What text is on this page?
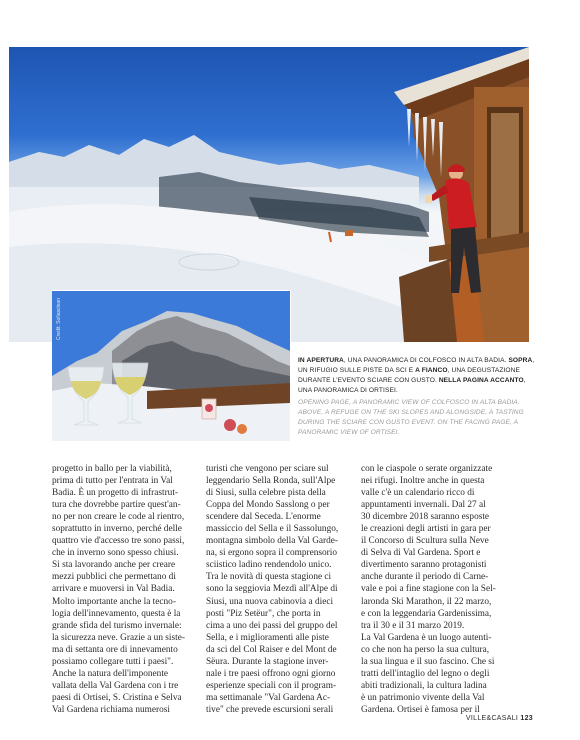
Credit: Sofiasclean
IN APERTURA, UNA PANORAMICA DI COLFOSCO IN ALTA BADIA. SOPRA, UN RIFUGIO SULLE PISTE DA SCI E A FIANCO, UNA DEGUSTAZIONE DURANTE L'EVENTO SCIARE CON GUSTO. NELLA PAGINA ACCANTO, UNA PANORAMICA DI ORTISEI.
OPENING PAGE, A PANORAMIC VIEW OF COLFOSCO IN ALTA BADIA. ABOVE, A REFUGE ON THE SKI SLOPES AND ALONGSIDE, A TASTING DURING THE SCIARE CON GUSTO EVENT. ON THE FACING PAGE, A PANORAMIC VIEW OF ORTISEI.
progetto in ballo per la viabilità,
prima di tutto per l'entrata in Val
Badia. È un progetto di infrastrut-
tura che dovrebbe partire quest'an-
no per non creare le code al rientro,
soprattutto in inverno, perché delle
quattro vie d'accesso tre sono passi,
che in inverno sono spesso chiusi.
Si sta lavorando anche per creare
mezzi pubblici che permettano di
arrivare e muoversi in Val Badia.
Molto importante anche la tecno-
logia dell'innevamento, questa è la
grande sfida del turismo invernale:
la sicurezza neve. Grazie a un siste-
ma di settanta ore di innevamento
possiamo collegare tutti i paesi".
Anche la natura dell'imponente
vallata della Val Gardena con i tre
paesi di Ortisei, S. Cristina e Selva
Val Gardena richiama numerosi
turisti che vengono per sciare sul
leggendario Sella Ronda, sull'Alpe
di Siusi, sulla celebre pista della
Coppa del Mondo Sasslong o per
scendere dal Seceda. L'enorme
massiccio del Sella e il Sassolungo,
montagna simbolo della Val Garde-
na, si ergono sopra il comprensorio
sciistico ladino rendendolo unico.
Tra le novità di questa stagione ci
sono la seggiovia Mezdì all'Alpe di
Siusi, una nuova cabinovia a dieci
posti "Piz Setëur", che porta in
cima a uno dei passi del gruppo del
Sella, e i miglioramenti alle piste
da sci del Col Raiser e del Mont de
Sëura. Durante la stagione inver-
nale i tre paesi offrono ogni giorno
esperienze speciali con il program-
ma settimanale "Val Gardena Ac-
tive" che prevede escursioni serali
con le ciaspole o serate organizzate
nei rifugi. Inoltre anche in questa
valle c'è un calendario ricco di
appuntamenti invernali. Dal 27 al
30 dicembre 2018 saranno esposte
le creazioni degli artisti in gara per
il Concorso di Scultura sulla Neve
di Selva di Val Gardena. Sport e
divertimento saranno protagonisti
anche durante il periodo di Carne-
vale e poi a fine stagione con la Sel-
laronda Ski Marathon, il 22 marzo,
e con la leggendaria Gardenissima,
tra il 30 e il 31 marzo 2019.
La Val Gardena è un luogo autenti-
co che non ha perso la sua cultura,
la sua lingua e il suo fascino. Che si
tratti dell'intaglio del legno o degli
abiti tradizionali, la cultura ladina
è un patrimonio vivente della Val
Gardena. Ortisei è famosa per il
VILLE&CASALI 123
